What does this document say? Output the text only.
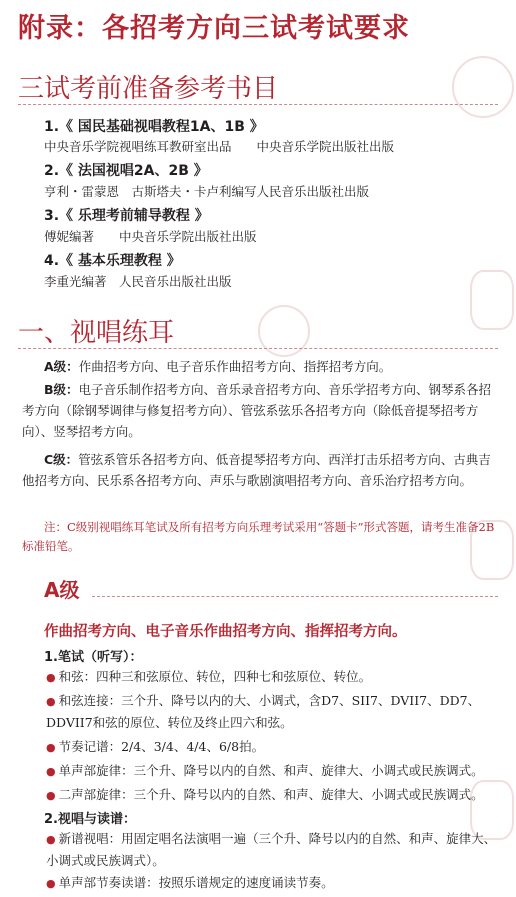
附录：各招考方向三试考试要求
三试考前准备参考书目
1.《 国民基础视唱教程1A、1B 》
中央音乐学院视唱练耳教研室出品　　中央音乐学院出版社出版
2.《 法国视唱2A、2B 》
亨利・雷蒙恩　古斯塔夫・卡卢利编写人民音乐出版社出版
3.《 乐理考前辅导教程 》
傅妮编著　　中央音乐学院出版社出版
4.《 基本乐理教程 》
李重光编著　人民音乐出版社出版
一、视唱练耳
A级：作曲招考方向、电子音乐作曲招考方向、指挥招考方向。
B级：电子音乐制作招考方向、音乐录音招考方向、音乐学招考方向、钢琴系各招考方向（除钢琴调律与修复招考方向）、管弦系弦乐各招考方向（除低音提琴招考方向）、竖琴招考方向。
C级：管弦系管乐各招考方向、低音提琴招考方向、西洋打击乐招考方向、古典吉他招考方向、民乐系各招考方向、声乐与歌剧演唱招考方向、音乐治疗招考方向。
注：C级别视唱练耳笔试及所有招考方向乐理考试采用“答题卡”形式答题，请考生准备2B标准铅笔。
A级
作曲招考方向、电子音乐作曲招考方向、指挥招考方向。
1.笔试（听写）：
● 和弦：四种三和弦原位、转位，四种七和弦原位、转位。
● 和弦连接：三个升、降号以内的大、小调式，含D7、SII7、DVII7、DD7、DDVII7和弦的原位、转位及终止四六和弦。
● 节奏记谱：2/4、3/4、4/4、6/8拍。
● 单声部旋律：三个升、降号以内的自然、和声、旋律大、小调式或民族调式。
● 二声部旋律：三个升、降号以内的自然、和声、旋律大、小调式或民族调式。
2.视唱与读谱：
● 新谱视唱：用固定唱名法演唱一遍（三个升、降号以内的自然、和声、旋律大、小调式或民族调式）。
● 单声部节奏读谱：按照乐谱规定的速度诵读节奏。
